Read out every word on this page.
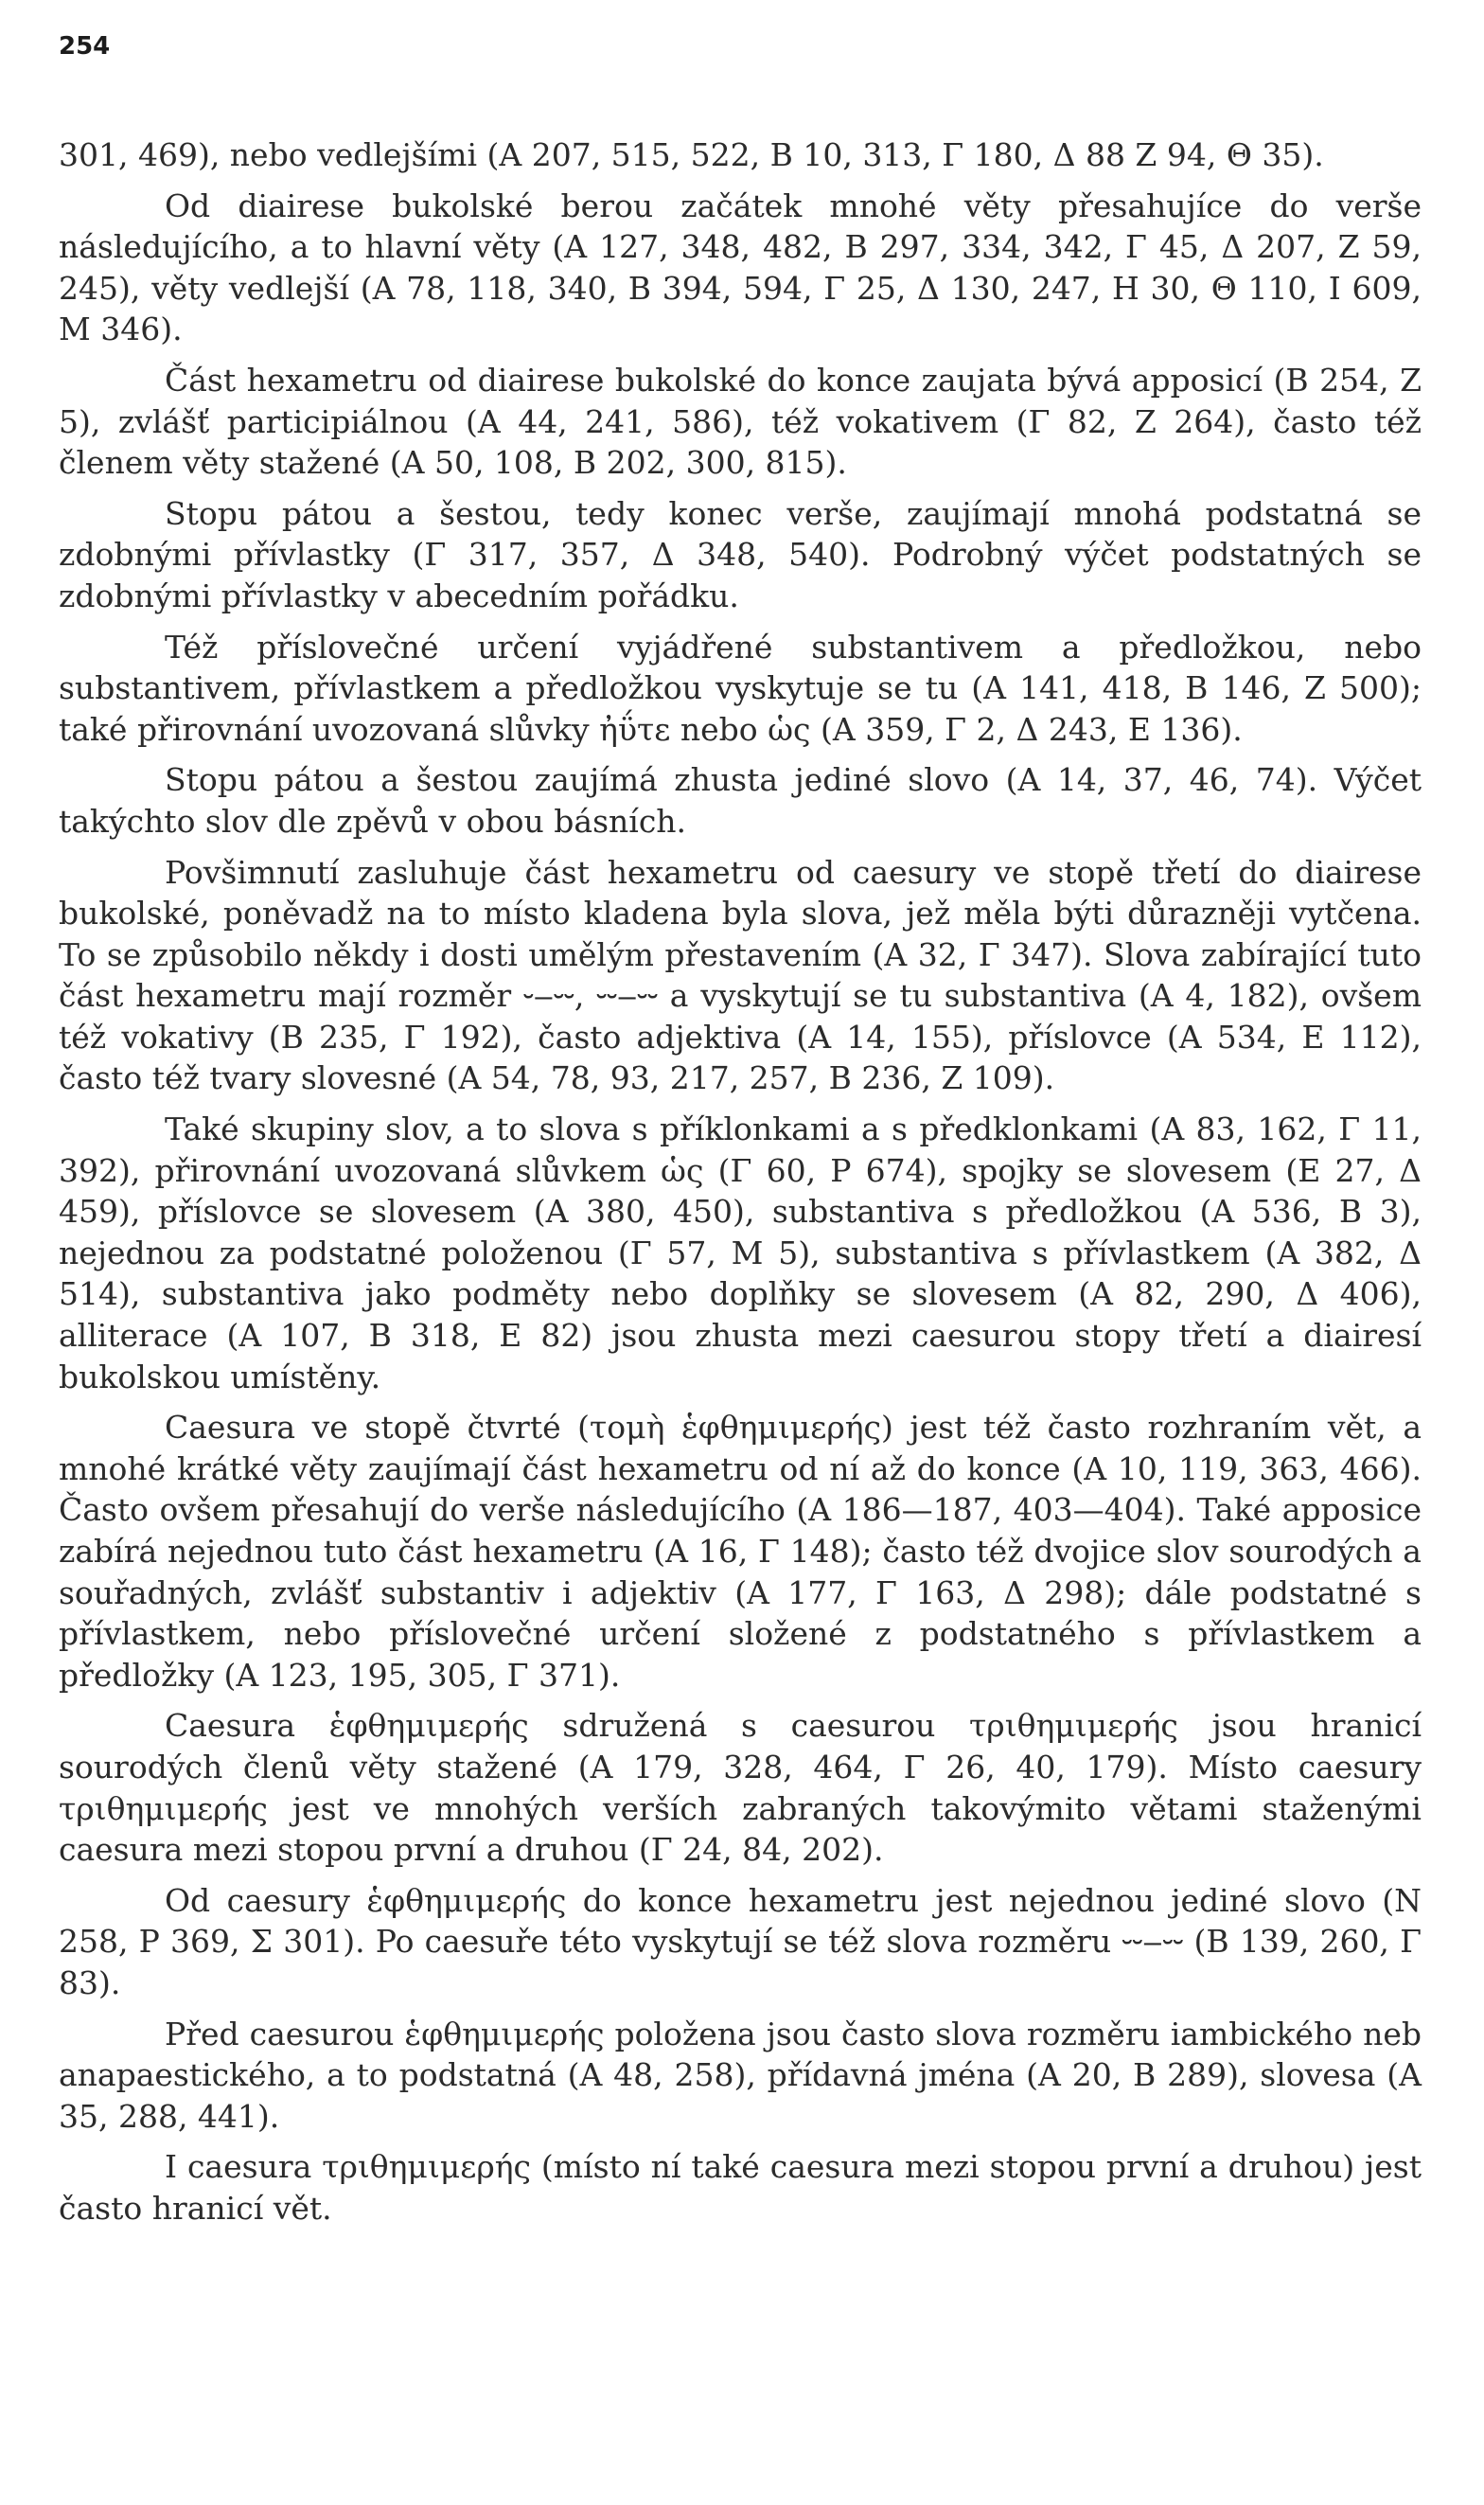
254

301, 469), nebo vedlejšími (A 207, 515, 522, B 10, 313, Γ 180, Δ 88 Z 94, Θ 35).

Od diairese bukolské berou začátek mnohé věty přesahujíce do verše následujícího, a to hlavní věty (A 127, 348, 482, B 297, 334, 342, Γ 45, Δ 207, Z 59, 245), věty vedlejší (A 78, 118, 340, B 394, 594, Γ 25, Δ 130, 247, H 30, Θ 110, I 609, M 346).

Část hexametru od diairese bukolské do konce zaujata bývá apposicí (B 254, Z 5), zvlášť participiálnou (A 44, 241, 586), též vokativem (Γ 82, Z 264), často též členem věty stažené (A 50, 108, B 202, 300, 815).

Stopu pátou a šestou, tedy konec verše, zaujímají mnohá podstatná se zdobnými přívlastky (Γ 317, 357, Δ 348, 540). Podrobný výčet podstatných se zdobnými přívlastky v abecedním pořádku.

Též příslovečné určení vyjádřené substantivem a předložkou, nebo substantivem, přívlastkem a předložkou vyskytuje se tu (A 141, 418, B 146, Z 500); také přirovnání uvozovaná slůvky ἠΰτε nebo ὡς (A 359, Γ 2, Δ 243, E 136).

Stopu pátou a šestou zaujímá zhusta jediné slovo (A 14, 37, 46, 74). Výčet takýchto slov dle zpěvů v obou básních.

Povšimnutí zasluhuje část hexametru od caesury ve stopě třetí do diairese bukolské, poněvadž na to místo kladena byla slova, jež měla býti důrazněji vytčena. To se způsobilo někdy i dosti umělým přestavením (A 32, Γ 347). Slova zabírající tuto část hexametru mají rozměr ⏑‒⏑⏑, ⏑⏑‒⏑⏑ a vyskytují se tu substantiva (A 4, 182), ovšem též vokativy (B 235, Γ 192), často adjektiva (A 14, 155), příslovce (A 534, E 112), často též tvary slovesné (A 54, 78, 93, 217, 257, B 236, Z 109).

Také skupiny slov, a to slova s příklonkami a s předklonkami (A 83, 162, Γ 11, 392), přirovnání uvozovaná slůvkem ὡς (Γ 60, P 674), spojky se slovesem (E 27, Δ 459), příslovce se slovesem (A 380, 450), substantiva s předložkou (A 536, B 3), nejednou za podstatné položenou (Γ 57, M 5), substantiva s přívlastkem (A 382, Δ 514), substantiva jako podměty nebo doplňky se slovesem (A 82, 290, Δ 406), alliterace (A 107, B 318, E 82) jsou zhusta mezi caesurou stopy třetí a diairesí bukolskou umístěny.

Caesura ve stopě čtvrté (τομὴ ἑφθημιμερής) jest též často rozhraním vět, a mnohé krátké věty zaujímají část hexametru od ní až do konce (A 10, 119, 363, 466). Často ovšem přesahují do verše následujícího (A 186—187, 403—404). Také apposice zabírá nejednou tuto část hexametru (A 16, Γ 148); často též dvojice slov sourodých a souřadných, zvlášť substantiv i adjektiv (A 177, Γ 163, Δ 298); dále podstatné s přívlastkem, nebo příslovečné určení složené z podstatného s přívlastkem a předložky (A 123, 195, 305, Γ 371).

Caesura ἑφθημιμερής sdružená s caesurou τριθημιμερής jsou hranicí sourodých členů věty stažené (A 179, 328, 464, Γ 26, 40, 179). Místo caesury τριθημιμερής jest ve mnohých verších zabraných takovýmito větami staženými caesura mezi stopou první a druhou (Γ 24, 84, 202).

Od caesury ἑφθημιμερής do konce hexametru jest nejednou jediné slovo (N 258, P 369, Σ 301). Po caesuře této vyskytují se též slova rozměru ⏑⏑‒⏑⏑ (B 139, 260, Γ 83).

Před caesurou ἑφθημιμερής položena jsou často slova rozměru iambického neb anapaestického, a to podstatná (A 48, 258), přídavná jména (A 20, B 289), slovesa (A 35, 288, 441).

I caesura τριθημιμερής (místo ní také caesura mezi stopou první a druhou) jest často hranicí vět.
